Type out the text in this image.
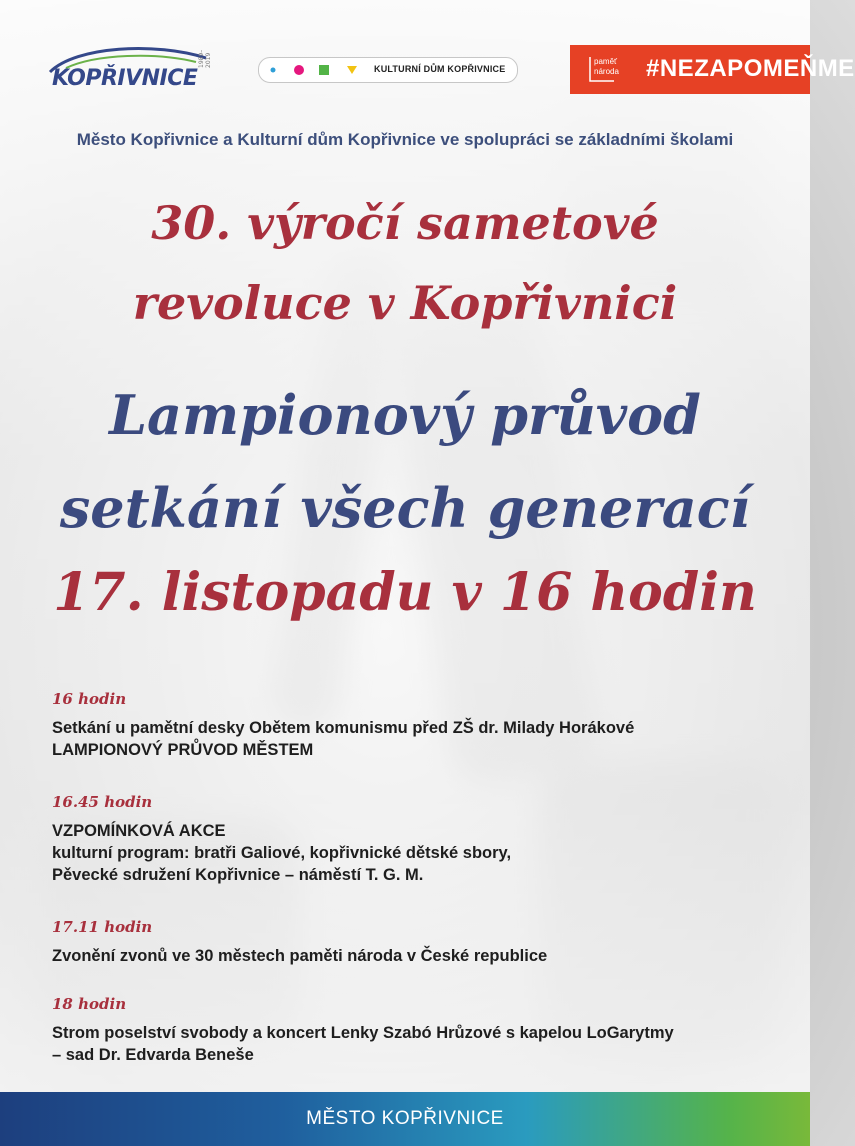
KOPŘIVNICE
1989–2019
KULTURNÍ DŮM KOPŘIVNICE
paměť
národa #NEZAPOMEŇME
Město Kopřivnice a Kulturní dům Kopřivnice ve spolupráci se základními školami
30. výročí sametové
revoluce v Kopřivnici
Lampionový průvod
setkání všech generací
17. listopadu v 16 hodin
16 hodin
Setkání u pamětní desky Obětem komunismu před ZŠ dr. Milady Horákové
LAMPIONOVÝ PRŮVOD MĚSTEM
16.45 hodin
VZPOMÍNKOVÁ AKCE
kulturní program: bratři Galiové, kopřivnické dětské sbory,
Pěvecké sdružení Kopřivnice – náměstí T. G. M.
17.11 hodin
Zvonění zvonů ve 30 městech paměti národa v České republice
18 hodin
Strom poselství svobody a koncert Lenky Szabó Hrůzové s kapelou LoGarytmy
– sad Dr. Edvarda Beneše
MĚSTO KOPŘIVNICE
